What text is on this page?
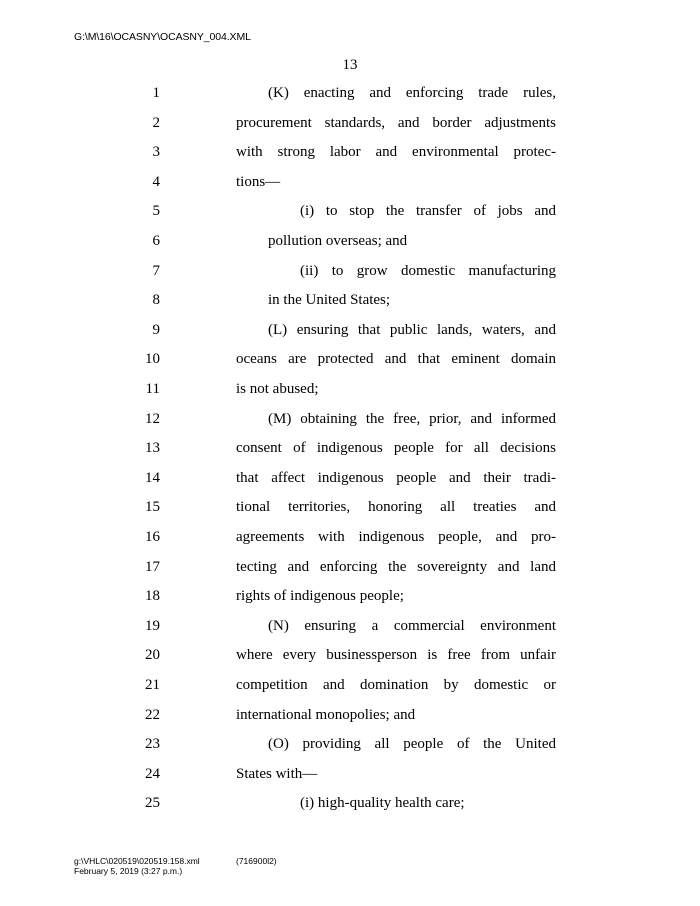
G:\M\16\OCASNY\OCASNY_004.XML
13
1	(K) enacting and enforcing trade rules,
2	procurement standards, and border adjustments
3	with strong labor and environmental protec-
4	tions—
5	(i) to stop the transfer of jobs and
6	pollution overseas; and
7	(ii) to grow domestic manufacturing
8	in the United States;
9	(L) ensuring that public lands, waters, and
10	oceans are protected and that eminent domain
11	is not abused;
12	(M) obtaining the free, prior, and informed
13	consent of indigenous people for all decisions
14	that affect indigenous people and their tradi-
15	tional territories, honoring all treaties and
16	agreements with indigenous people, and pro-
17	tecting and enforcing the sovereignty and land
18	rights of indigenous people;
19	(N) ensuring a commercial environment
20	where every businessperson is free from unfair
21	competition and domination by domestic or
22	international monopolies; and
23	(O) providing all people of the United
24	States with—
25	(i) high-quality health care;
g:\VHLC\020519\020519.158.xml	(716900l2)
February 5, 2019 (3:27 p.m.)
